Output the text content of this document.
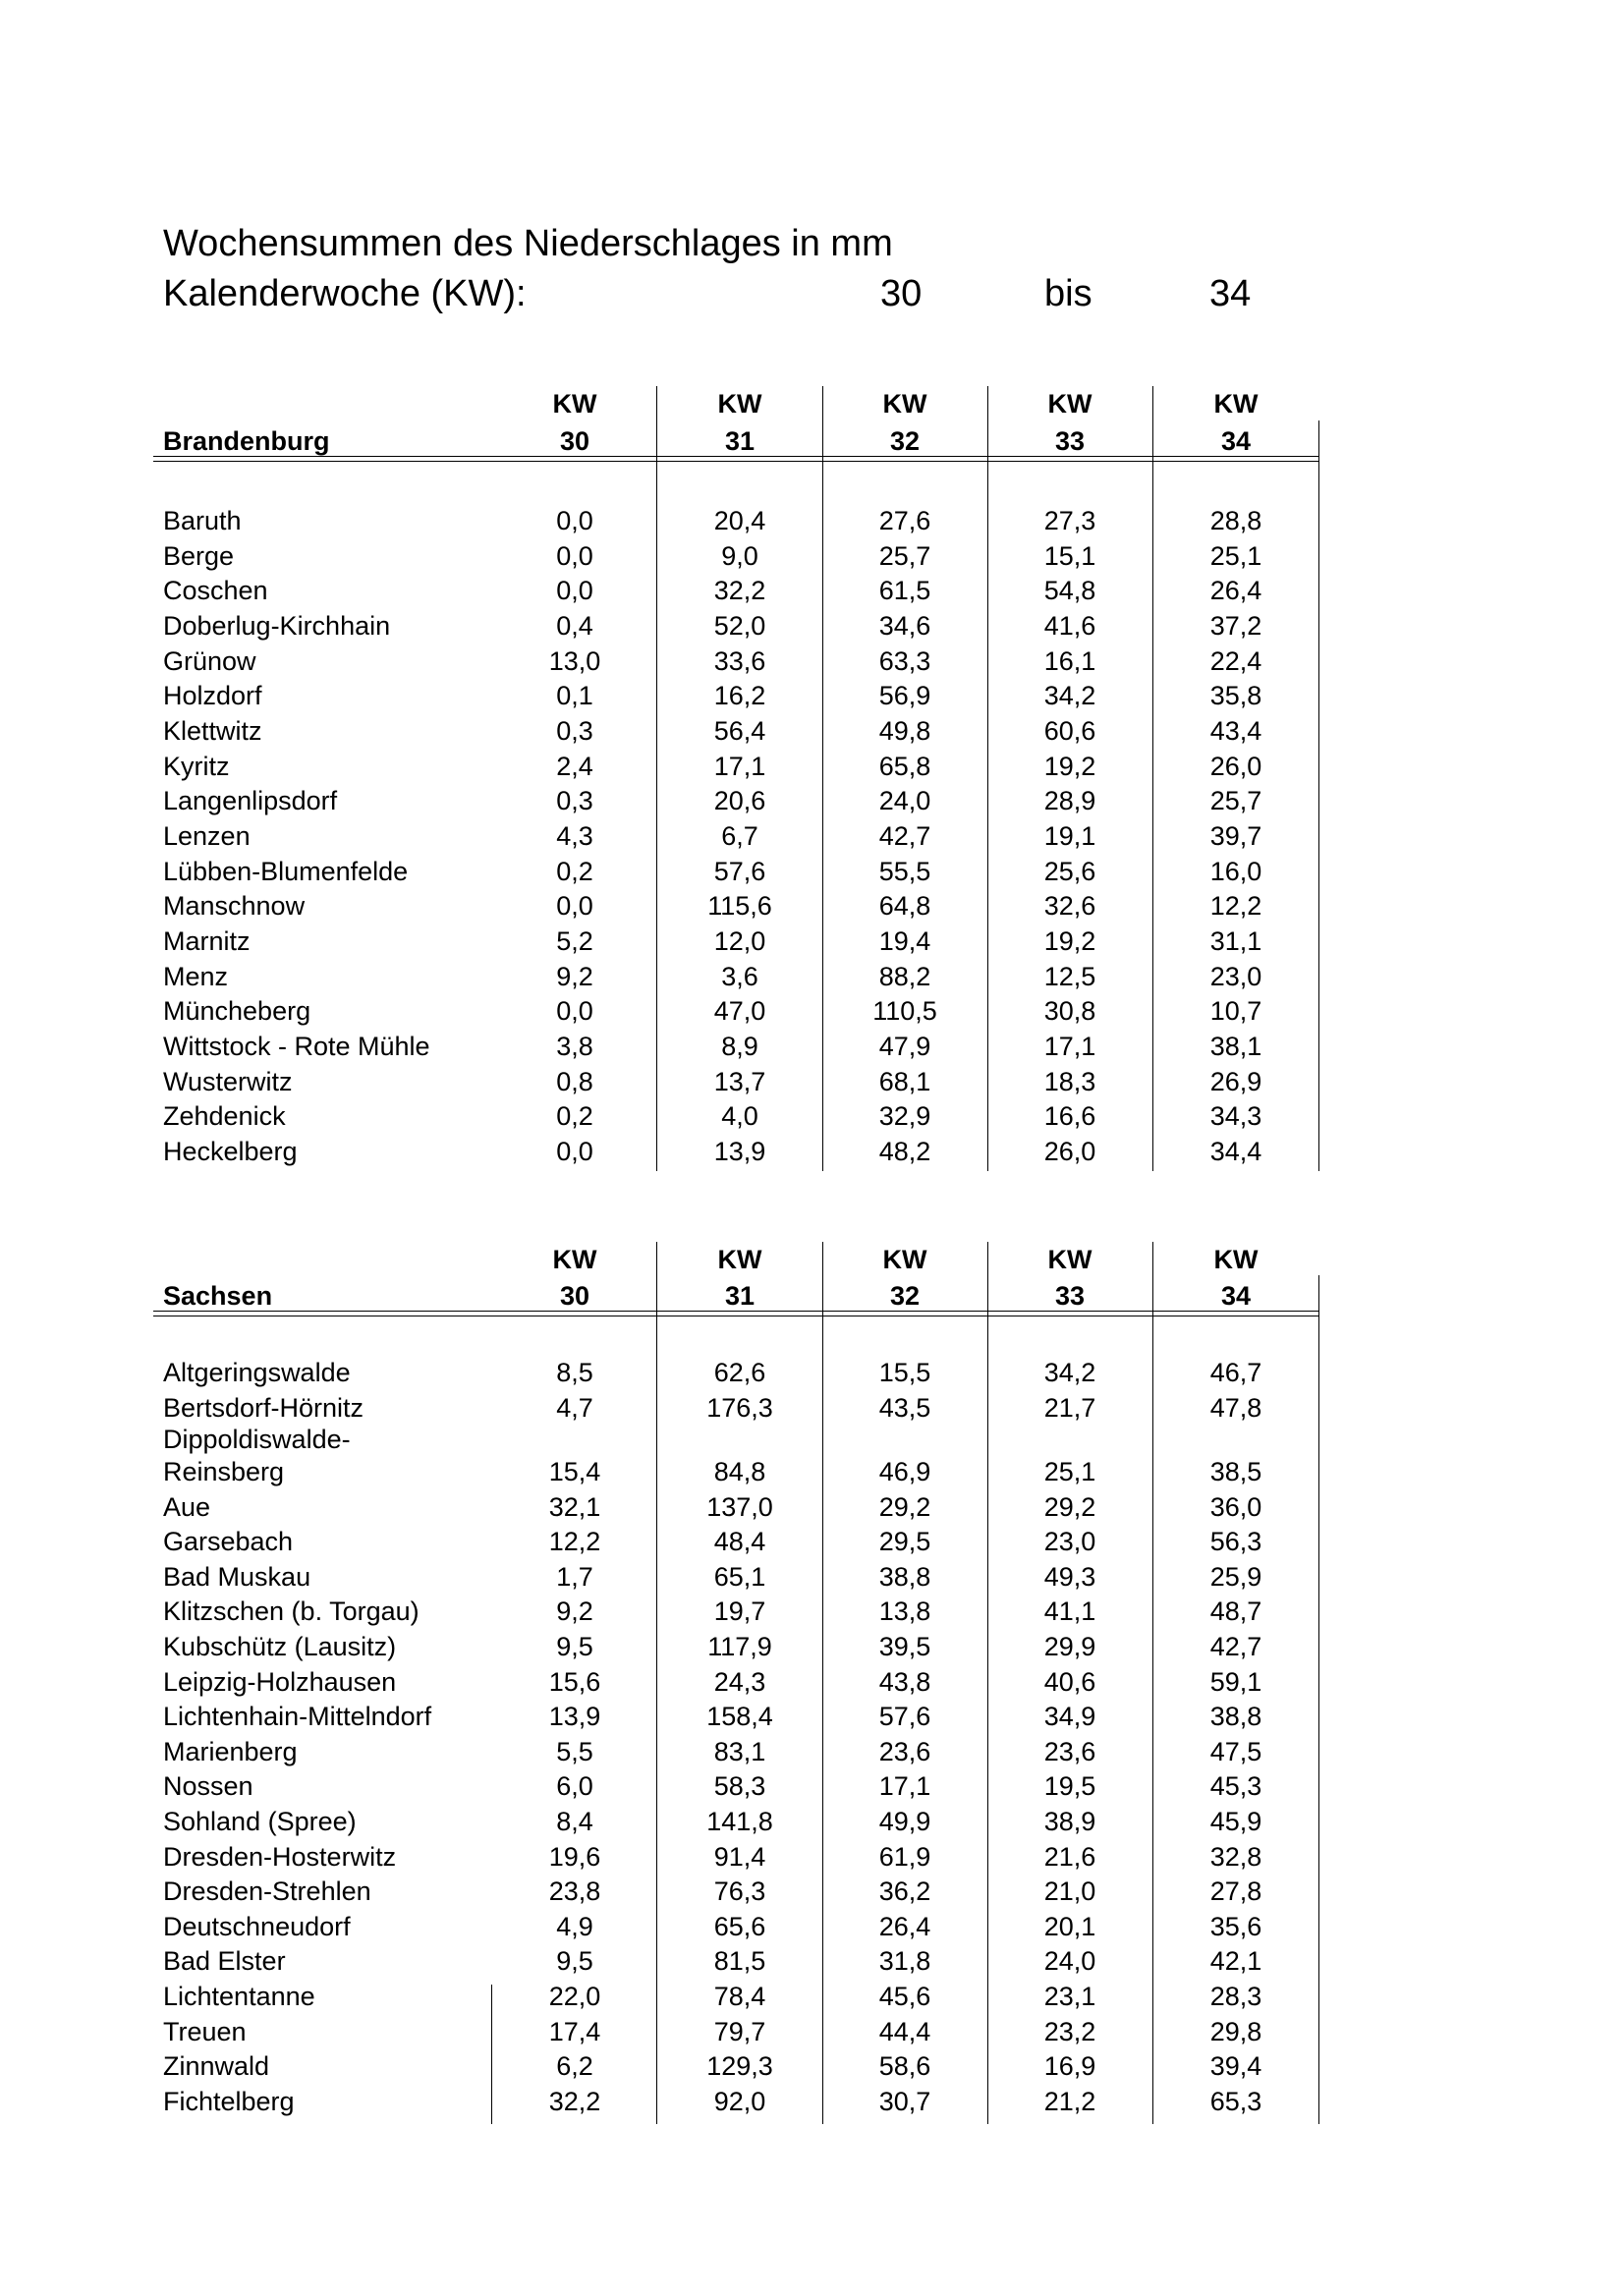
Wochensummen des Niederschlages in mm
Kalenderwoche (KW):	30	bis	34
KW	KW	KW	KW	KW
Brandenburg	30	31	32	33	34
Baruth	0,0	20,4	27,6	27,3	28,8
Berge	0,0	9,0	25,7	15,1	25,1
Coschen	0,0	32,2	61,5	54,8	26,4
Doberlug-Kirchhain	0,4	52,0	34,6	41,6	37,2
Grünow	13,0	33,6	63,3	16,1	22,4
Holzdorf	0,1	16,2	56,9	34,2	35,8
Klettwitz	0,3	56,4	49,8	60,6	43,4
Kyritz	2,4	17,1	65,8	19,2	26,0
Langenlipsdorf	0,3	20,6	24,0	28,9	25,7
Lenzen	4,3	6,7	42,7	19,1	39,7
Lübben-Blumenfelde	0,2	57,6	55,5	25,6	16,0
Manschnow	0,0	115,6	64,8	32,6	12,2
Marnitz	5,2	12,0	19,4	19,2	31,1
Menz	9,2	3,6	88,2	12,5	23,0
Müncheberg	0,0	47,0	110,5	30,8	10,7
Wittstock - Rote Mühle	3,8	8,9	47,9	17,1	38,1
Wusterwitz	0,8	13,7	68,1	18,3	26,9
Zehdenick	0,2	4,0	32,9	16,6	34,3
Heckelberg	0,0	13,9	48,2	26,0	34,4
KW	KW	KW	KW	KW
Sachsen	30	31	32	33	34
Altgeringswalde	8,5	62,6	15,5	34,2	46,7
Bertsdorf-Hörnitz	4,7	176,3	43,5	21,7	47,8
Dippoldiswalde-
Reinsberg	15,4	84,8	46,9	25,1	38,5
Aue	32,1	137,0	29,2	29,2	36,0
Garsebach	12,2	48,4	29,5	23,0	56,3
Bad Muskau	1,7	65,1	38,8	49,3	25,9
Klitzschen (b. Torgau)	9,2	19,7	13,8	41,1	48,7
Kubschütz (Lausitz)	9,5	117,9	39,5	29,9	42,7
Leipzig-Holzhausen	15,6	24,3	43,8	40,6	59,1
Lichtenhain-Mittelndorf	13,9	158,4	57,6	34,9	38,8
Marienberg	5,5	83,1	23,6	23,6	47,5
Nossen	6,0	58,3	17,1	19,5	45,3
Sohland (Spree)	8,4	141,8	49,9	38,9	45,9
Dresden-Hosterwitz	19,6	91,4	61,9	21,6	32,8
Dresden-Strehlen	23,8	76,3	36,2	21,0	27,8
Deutschneudorf	4,9	65,6	26,4	20,1	35,6
Bad Elster	9,5	81,5	31,8	24,0	42,1
Lichtentanne	22,0	78,4	45,6	23,1	28,3
Treuen	17,4	79,7	44,4	23,2	29,8
Zinnwald	6,2	129,3	58,6	16,9	39,4
Fichtelberg	32,2	92,0	30,7	21,2	65,3
